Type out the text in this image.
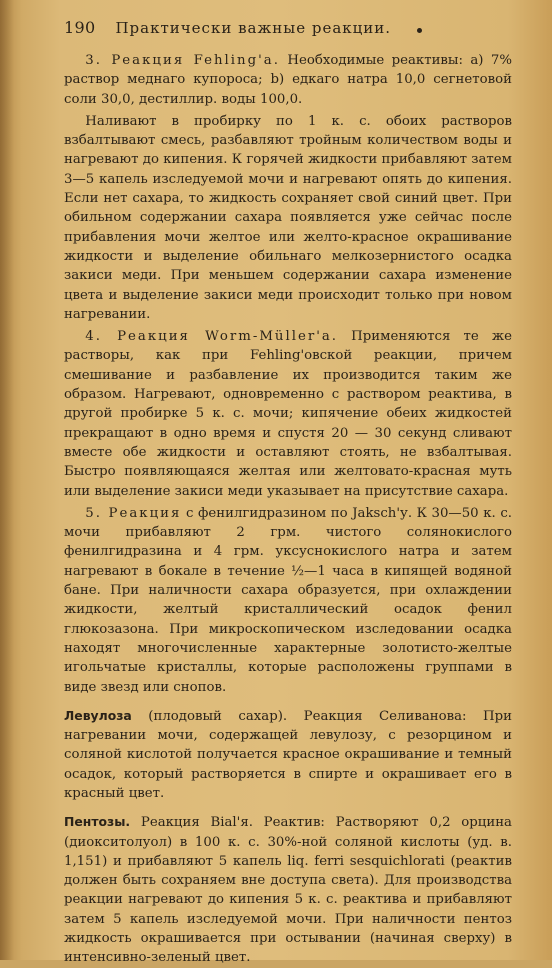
190 Практически важные реакции.

3. Реакция Fehling'a. Необходимые реактивы: а) 7% раствор меднаго купороса; b) едкаго натра 10,0 сегнетовой соли 30,0, дестиллир. воды 100,0.

Наливают в пробирку по 1 к. с. обоих растворов взбалтывают смесь, разбавляют тройным количеством воды и нагревают до кипения. К горячей жидкости прибавляют затем 3—5 капель изследуемой мочи и нагревают опять до кипения. Если нет сахара, то жидкость сохраняет свой синий цвет. При обильном содержании сахара появляется уже сейчас после прибавления мочи желтое или желто-красное окрашивание жидкости и выделение обильнаго мелкозернистого осадка закиси меди. При меньшем содержании сахара изменение цвета и выделение закиси меди происходит только при новом нагревании.

4. Реакция Worm-Müller'a. Применяются те же растворы, как при Fehling'овской реакции, причем смешивание и разбавление их производится таким же образом. Нагревают, одновременно с раствором реактива, в другой пробирке 5 к. с. мочи; кипячение обеих жидкостей прекращают в одно время и спустя 20 — 30 секунд сливают вместе обе жидкости и оставляют стоять, не взбалтывая. Быстро появляющаяся желтая или желтовато-красная муть или выделение закиси меди указывает на присутствие сахара.

5. Реакция с фенилгидразином по Jaksch'у. К 30—50 к. с. мочи прибавляют 2 грм. чистого солянокислого фенилгидразина и 4 грм. уксуснокислого натра и затем нагревают в бокале в течение ½—1 часа в кипящей водяной бане. При наличности сахара образуется, при охлаждении жидкости, желтый кристаллический осадок фенил глюкозазона. При микроскопическом изследовании осадка находят многочисленные характерные золотисто-желтые игольчатые кристаллы, которые расположены группами в виде звезд или снопов.

Левулоза (плодовый сахар). Реакция Селиванова: При нагревании мочи, содержащей левулозу, с резорцином и соляной кислотой получается красное окрашивание и темный осадок, который растворяется в спирте и окрашивает его в красный цвет.

Пентозы. Реакция Bial'я. Реактив: Растворяют 0,2 орцина (диокситолуол) в 100 к. с. 30%-ной соляной кислоты (уд. в. 1,151) и прибавляют 5 капель liq. ferri sesquichlorati (реактив должен быть сохраняем вне доступа света). Для производства реакции нагревают до кипения 5 к. с. реактива и прибавляют затем 5 капель изследуемой мочи. При наличности пентоз жидкость окрашивается при остывании (начиная сверху) в интенсивно-зеленый цвет.
